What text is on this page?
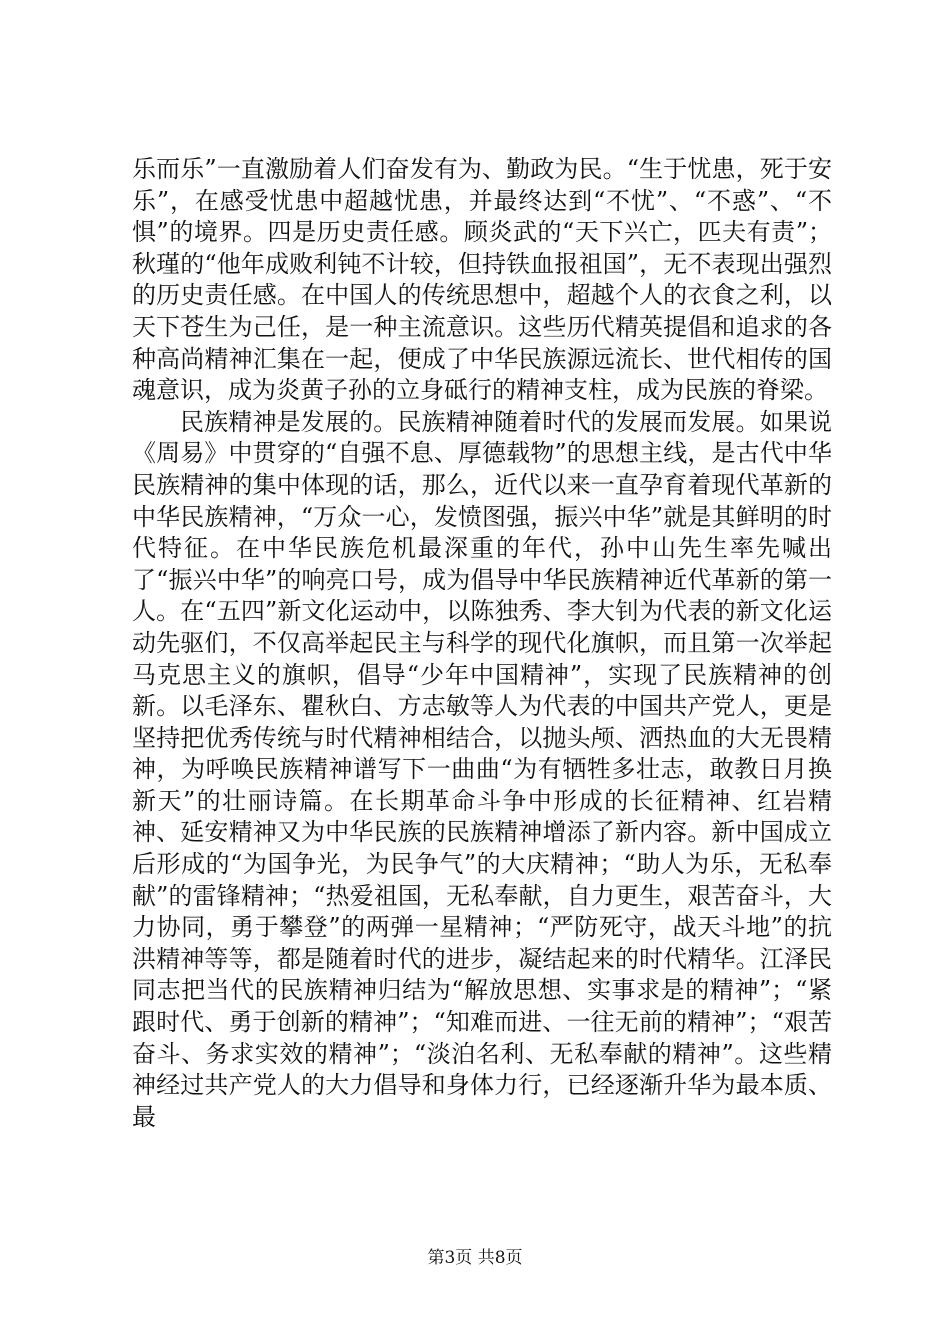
乐而乐”一直激励着人们奋发有为、勤政为民。“生于忧患，死于安乐”，在感受忧患中超越忧患，并最终达到“不忧”、“不惑”、“不惧”的境界。四是历史责任感。顾炎武的“天下兴亡，匹夫有责”；秋瑾的“他年成败利钝不计较，但持铁血报祖国”，无不表现出强烈的历史责任感。在中国人的传统思想中，超越个人的衣食之利，以天下苍生为己任，是一种主流意识。这些历代精英提倡和追求的各种高尚精神汇集在一起，便成了中华民族源远流长、世代相传的国魂意识，成为炎黄子孙的立身砥行的精神支柱，成为民族的脊梁。

民族精神是发展的。民族精神随着时代的发展而发展。如果说《周易》中贯穿的“自强不息、厚德载物”的思想主线，是古代中华民族精神的集中体现的话，那么，近代以来一直孕育着现代革新的中华民族精神，“万众一心，发愤图强，振兴中华”就是其鲜明的时代特征。在中华民族危机最深重的年代，孙中山先生率先喊出了“振兴中华”的响亮口号，成为倡导中华民族精神近代革新的第一人。在“五四”新文化运动中，以陈独秀、李大钊为代表的新文化运动先驱们，不仅高举起民主与科学的现代化旗帜，而且第一次举起马克思主义的旗帜，倡导“少年中国精神”，实现了民族精神的创新。以毛泽东、瞿秋白、方志敏等人为代表的中国共产党人，更是坚持把优秀传统与时代精神相结合，以抛头颅、洒热血的大无畏精神，为呼唤民族精神谱写下一曲曲“为有牺牲多壮志，敢教日月换新天”的壮丽诗篇。在长期革命斗争中形成的长征精神、红岩精神、延安精神又为中华民族的民族精神增添了新内容。新中国成立后形成的“为国争光，为民争气”的大庆精神；“助人为乐，无私奉献”的雷锋精神；“热爱祖国，无私奉献，自力更生，艰苦奋斗，大力协同，勇于攀登”的两弹一星精神；“严防死守，战天斗地”的抗洪精神等等，都是随着时代的进步，凝结起来的时代精华。江泽民同志把当代的民族精神归结为“解放思想、实事求是的精神”；“紧跟时代、勇于创新的精神”；“知难而进、一往无前的精神”；“艰苦奋斗、务求实效的精神”；“淡泊名利、无私奉献的精神”。这些精神经过共产党人的大力倡导和身体力行，已经逐渐升华为最本质、最

第3页 共8页
